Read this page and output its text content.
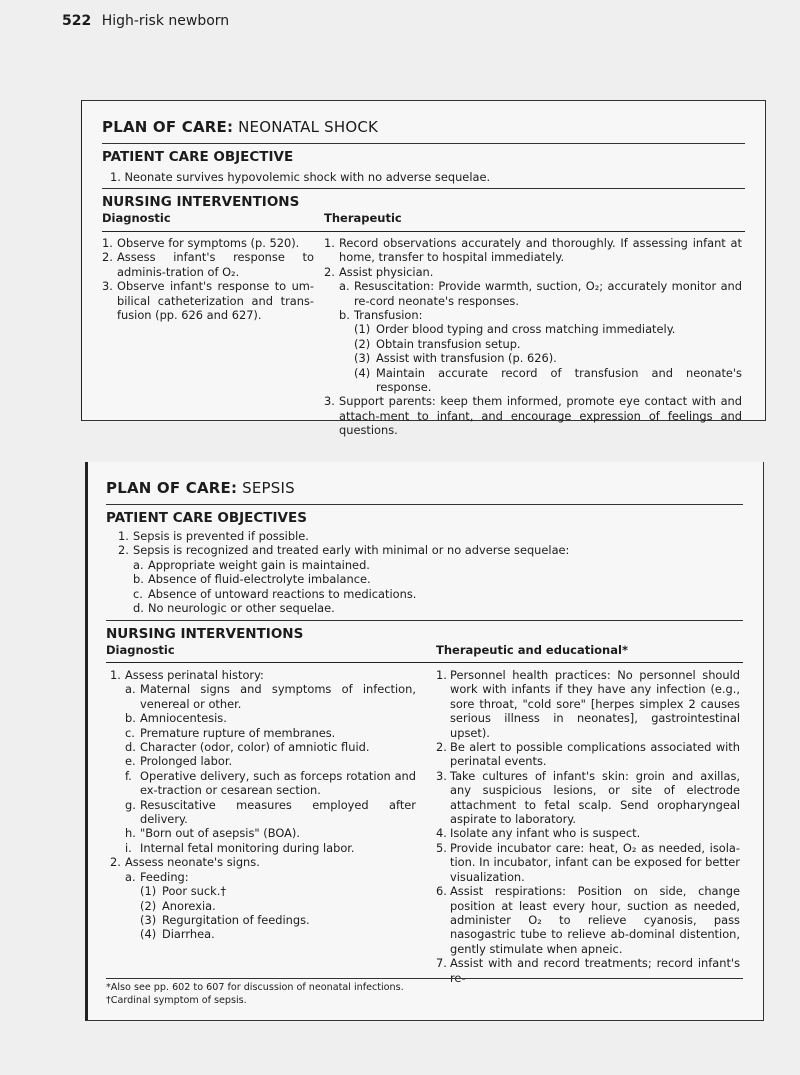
522 High-risk newborn
PLAN OF CARE: NEONATAL SHOCK
PATIENT CARE OBJECTIVE
1. Neonate survives hypovolemic shock with no adverse sequelae.
NURSING INTERVENTIONS
Diagnostic	Therapeutic
1. Observe for symptoms (p. 520).
2. Assess infant's response to adminis-tration of O₂.
3. Observe infant's response to um-bilical catheterization and trans-fusion (pp. 626 and 627).
1. Record observations accurately and thoroughly. If assessing infant at home, transfer to hospital immediately.
2. Assist physician.
a. Resuscitation: Provide warmth, suction, O₂; accurately monitor and re-cord neonate's responses.
b. Transfusion:
(1) Order blood typing and cross matching immediately.
(2) Obtain transfusion setup.
(3) Assist with transfusion (p. 626).
(4) Maintain accurate record of transfusion and neonate's response.
3. Support parents: keep them informed, promote eye contact with and attach-ment to infant, and encourage expression of feelings and questions.
PLAN OF CARE: SEPSIS
PATIENT CARE OBJECTIVES
1. Sepsis is prevented if possible.
2. Sepsis is recognized and treated early with minimal or no adverse sequelae:
a. Appropriate weight gain is maintained.
b. Absence of fluid-electrolyte imbalance.
c. Absence of untoward reactions to medications.
d. No neurologic or other sequelae.
NURSING INTERVENTIONS
Diagnostic	Therapeutic and educational*
1. Assess perinatal history:
a. Maternal signs and symptoms of infection, venereal or other.
b. Amniocentesis.
c. Premature rupture of membranes.
d. Character (odor, color) of amniotic fluid.
e. Prolonged labor.
f. Operative delivery, such as forceps rotation and ex-traction or cesarean section.
g. Resuscitative measures employed after delivery.
h. "Born out of asepsis" (BOA).
i. Internal fetal monitoring during labor.
2. Assess neonate's signs.
a. Feeding:
(1) Poor suck.†
(2) Anorexia.
(3) Regurgitation of feedings.
(4) Diarrhea.
1. Personnel health practices: No personnel should work with infants if they have any infection (e.g., sore throat, "cold sore" [herpes simplex 2 causes serious illness in neonates], gastrointestinal upset).
2. Be alert to possible complications associated with perinatal events.
3. Take cultures of infant's skin: groin and axillas, any suspicious lesions, or site of electrode attachment to fetal scalp. Send oropharyngeal aspirate to laboratory.
4. Isolate any infant who is suspect.
5. Provide incubator care: heat, O₂ as needed, isola-tion. In incubator, infant can be exposed for better visualization.
6. Assist respirations: Position on side, change position at least every hour, suction as needed, administer O₂ to relieve cyanosis, pass nasogastric tube to relieve ab-dominal distention, gently stimulate when apneic.
7. Assist with and record treatments; record infant's re-
*Also see pp. 602 to 607 for discussion of neonatal infections.
†Cardinal symptom of sepsis.
